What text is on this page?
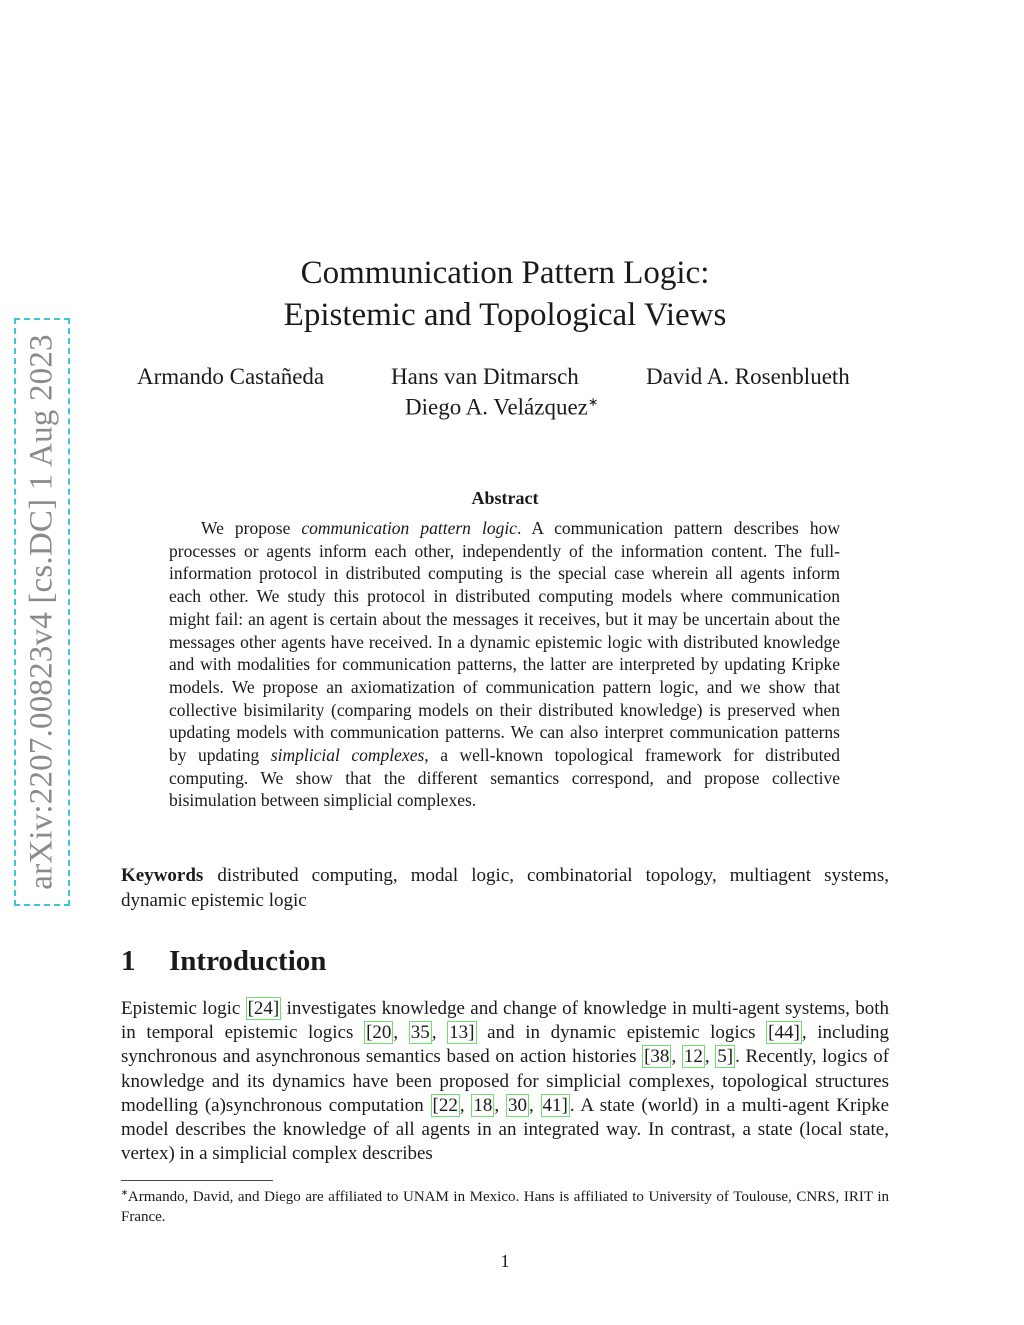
arXiv:2207.00823v4 [cs.DC] 1 Aug 2023
Communication Pattern Logic:
Epistemic and Topological Views
Armando Castañeda	Hans van Ditmarsch	David A. Rosenblueth
Diego A. Velázquez∗
Abstract

We propose communication pattern logic. A communication pattern describes how processes or agents inform each other, independently of the information content. The full-information protocol in distributed computing is the special case wherein all agents inform each other. We study this protocol in distributed computing models where communication might fail: an agent is certain about the messages it receives, but it may be uncertain about the messages other agents have received. In a dynamic epistemic logic with distributed knowledge and with modalities for communication patterns, the latter are interpreted by updating Kripke models. We propose an axiomatization of communication pattern logic, and we show that collective bisimilarity (comparing models on their distributed knowledge) is preserved when updating models with communication patterns. We can also interpret communication patterns by updating simplicial complexes, a well-known topological framework for distributed computing. We show that the different semantics correspond, and propose collective bisimulation between simplicial complexes.

Keywords distributed computing, modal logic, combinatorial topology, multiagent systems, dynamic epistemic logic
1 Introduction

Epistemic logic [24] investigates knowledge and change of knowledge in multi-agent systems, both in temporal epistemic logics [20 , 35 , 13] and in dynamic epistemic logics [44] , including synchronous and asynchronous semantics based on action histories [38 , 12 , 5] . Recently, logics of knowledge and its dynamics have been proposed for simplicial complexes, topological structures modelling (a)synchronous computation [22 , 18 , 30 , 41] . A state (world) in a multi-agent Kripke model describes the knowledge of all agents in an integrated way. In contrast, a state (local state, vertex) in a simplicial complex describes

∗Armando, David, and Diego are affiliated to UNAM in Mexico. Hans is affiliated to University of Toulouse, CNRS, IRIT in France.
1
